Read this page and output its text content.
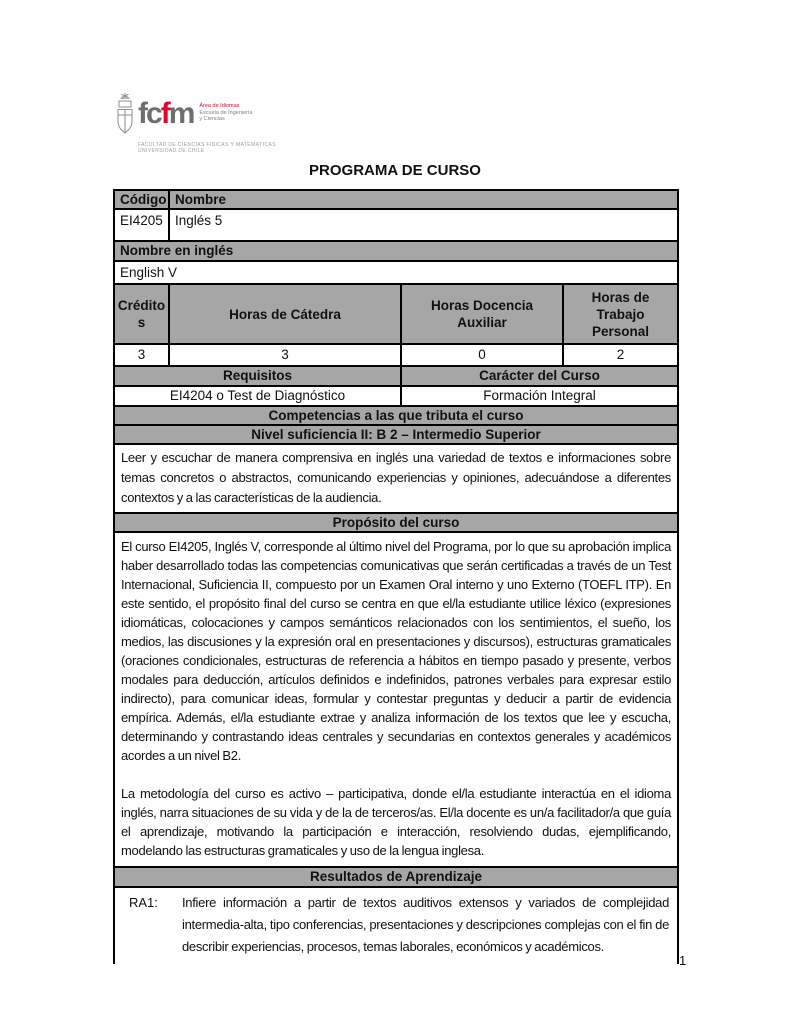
fcfm Área de Idiomas
Escuela de Ingeniería
y Ciencias
FACULTAD DE CIENCIAS FÍSICAS Y MATEMÁTICAS
UNIVERSIDAD DE CHILE
PROGRAMA DE CURSO
Código	Nombre		
EI4205	Inglés 5		
Nombre en inglés			
English V			
Créditos	Horas de Cátedra	Horas Docencia Auxiliar	Horas de Trabajo Personal
3	3	0	2
Requisitos		Carácter del Curso	
EI4204 o Test de Diagnóstico		Formación Integral	
Competencias a las que tributa el curso			
Nivel suficiencia II: B 2 – Intermedio Superior			

Leer y escuchar de manera comprensiva en inglés una variedad de textos e informaciones sobre temas concretos o abstractos, comunicando experiencias y opiniones, adecuándose a diferentes contextos y a las características de la audiencia.			

Propósito del curso			

El curso EI4205, Inglés V, corresponde al último nivel del Programa, por lo que su aprobación implica haber desarrollado todas las competencias comunicativas que serán certificadas a través de un Test Internacional, Suficiencia II, compuesto por un Examen Oral interno y uno Externo (TOEFL ITP). En este sentido, el propósito final del curso se centra en que el/la estudiante utilice léxico (expresiones idiomáticas, colocaciones y campos semánticos relacionados con los sentimientos, el sueño, los medios, las discusiones y la expresión oral en presentaciones y discursos), estructuras gramaticales (oraciones condicionales, estructuras de referencia a hábitos en tiempo pasado y presente, verbos modales para deducción, artículos definidos e indefinidos, patrones verbales para expresar estilo indirecto), para comunicar ideas, formular y contestar preguntas y deducir a partir de evidencia empírica. Además, el/la estudiante extrae y analiza información de los textos que lee y escucha, determinando y contrastando ideas centrales y secundarias en contextos generales y académicos acordes a un nivel B2.

La metodología del curso es activo – participativa, donde el/la estudiante interactúa en el idioma inglés, narra situaciones de su vida y de la de terceros/as. El/la docente es un/a facilitador/a que guía el aprendizaje, motivando la participación e interacción, resolviendo dudas, ejemplificando, modelando las estructuras gramaticales y uso de la lengua inglesa.			

Resultados de Aprendizaje			

RA1: Infiere información a partir de textos auditivos extensos y variados de complejidad intermedia-alta, tipo conferencias, presentaciones y descripciones complejas con el fin de describir experiencias, procesos, temas laborales, económicos y académicos.			
1
